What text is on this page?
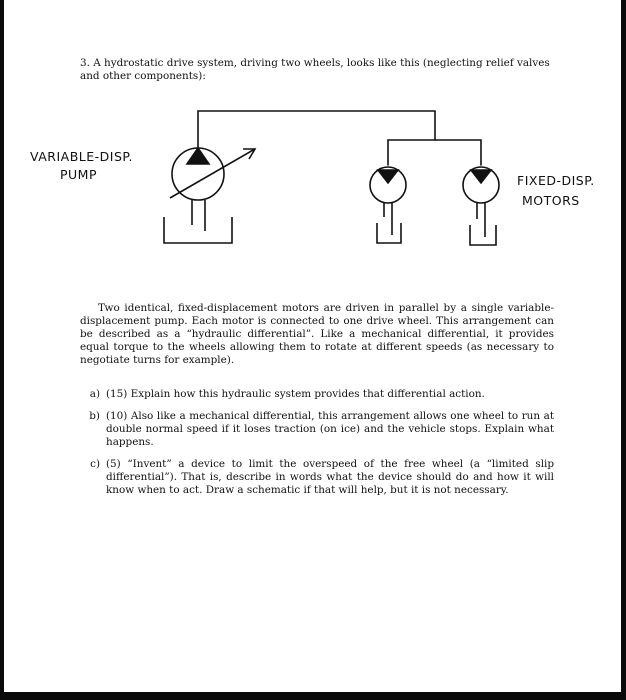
3. A hydrostatic drive system, driving two wheels, looks like this (neglecting relief valves and other components):
VARIABLE-DISP.
PUMP	FIXED-DISP.
MOTORS
Two identical, fixed-displacement motors are driven in parallel by a single variable-displacement pump. Each motor is connected to one drive wheel. This arrangement can be described as a “hydraulic differential”. Like a mechanical differential, it provides equal torque to the wheels allowing them to rotate at different speeds (as necessary to negotiate turns for example).
a) (15) Explain how this hydraulic system provides that differential action.
b) (10) Also like a mechanical differential, this arrangement allows one wheel to run at double normal speed if it loses traction (on ice) and the vehicle stops. Explain what happens.
c) (5) “Invent” a device to limit the overspeed of the free wheel (a “limited slip differential”). That is, describe in words what the device should do and how it will know when to act. Draw a schematic if that will help, but it is not necessary.
